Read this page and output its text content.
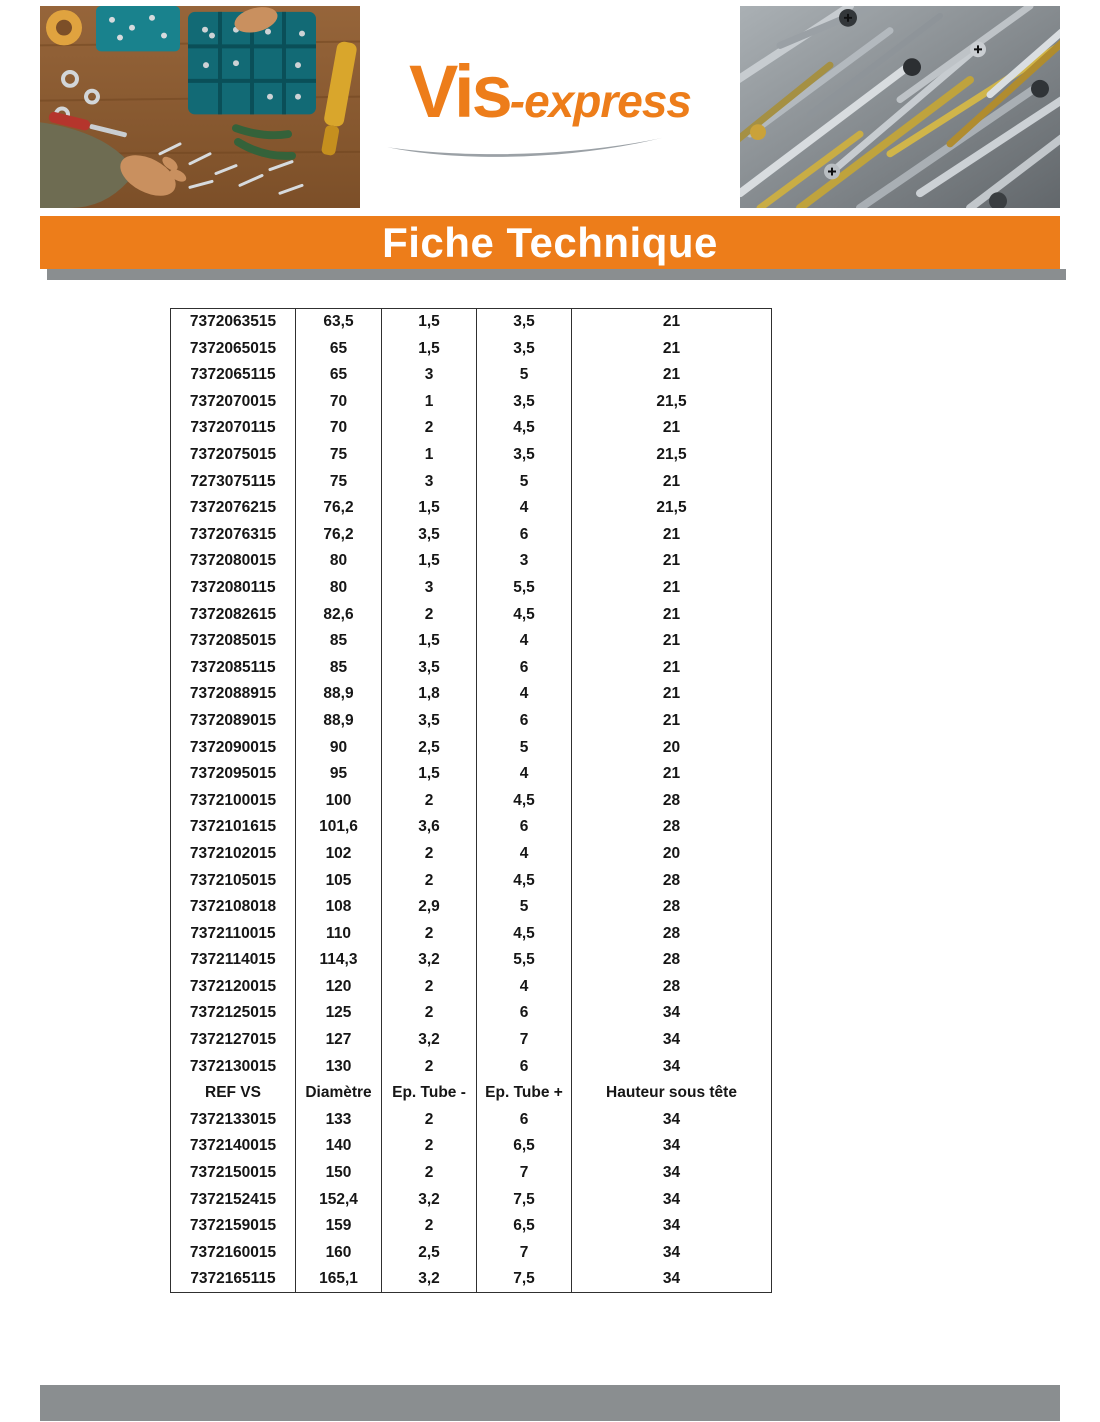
Vis -express
Fiche Technique
7372063515	63,5	1,5	3,5	21
7372065015	65	1,5	3,5	21
7372065115	65	3	5	21
7372070015	70	1	3,5	21,5
7372070115	70	2	4,5	21
7372075015	75	1	3,5	21,5
7273075115	75	3	5	21
7372076215	76,2	1,5	4	21,5
7372076315	76,2	3,5	6	21
7372080015	80	1,5	3	21
7372080115	80	3	5,5	21
7372082615	82,6	2	4,5	21
7372085015	85	1,5	4	21
7372085115	85	3,5	6	21
7372088915	88,9	1,8	4	21
7372089015	88,9	3,5	6	21
7372090015	90	2,5	5	20
7372095015	95	1,5	4	21
7372100015	100	2	4,5	28
7372101615	101,6	3,6	6	28
7372102015	102	2	4	20
7372105015	105	2	4,5	28
7372108018	108	2,9	5	28
7372110015	110	2	4,5	28
7372114015	114,3	3,2	5,5	28
7372120015	120	2	4	28
7372125015	125	2	6	34
7372127015	127	3,2	7	34
7372130015	130	2	6	34
REF VS	Diamètre	Ep. Tube -	Ep. Tube +	Hauteur sous tête
7372133015	133	2	6	34
7372140015	140	2	6,5	34
7372150015	150	2	7	34
7372152415	152,4	3,2	7,5	34
7372159015	159	2	6,5	34
7372160015	160	2,5	7	34
7372165115	165,1	3,2	7,5	34
